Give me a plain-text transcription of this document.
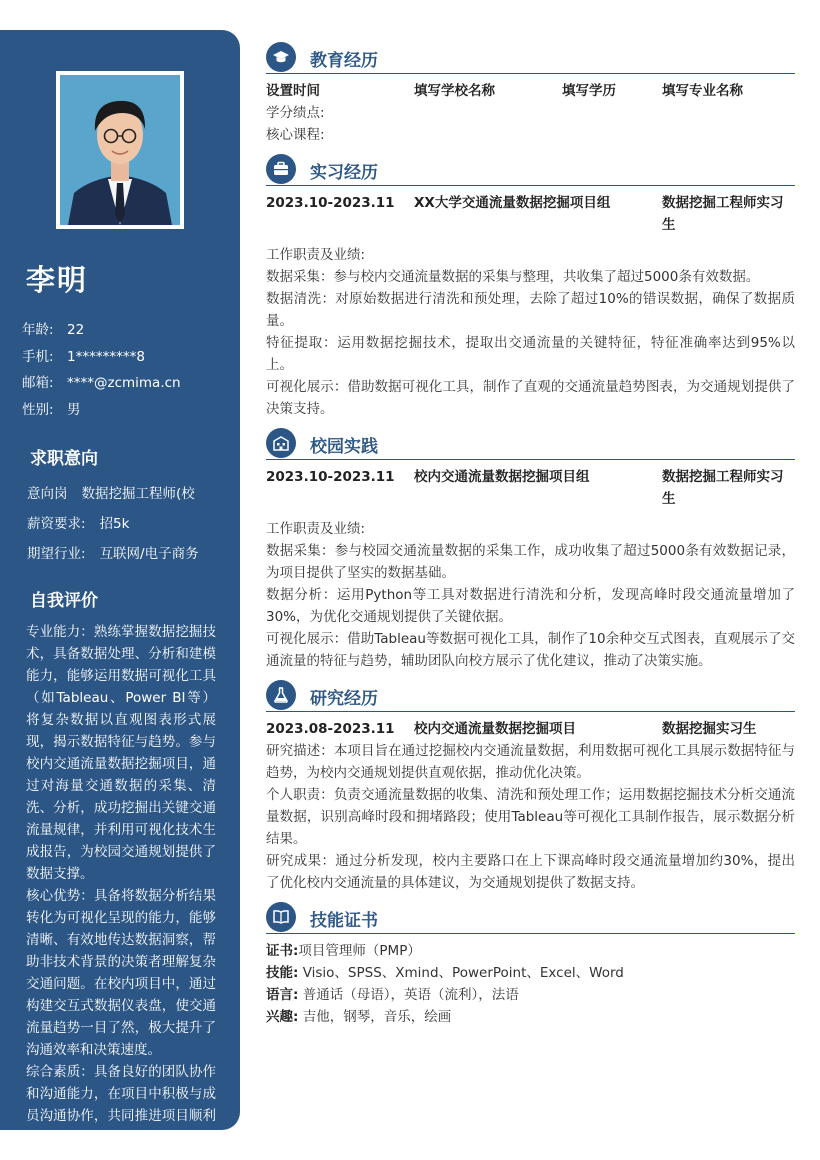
李明
年龄: 22
手机: 1*********8
邮箱: ****@zcmima.cn
性别: 男
求职意向
意向岗 数据挖掘工程师(校
薪资要求: 招5k
期望行业: 互联网/电子商务
自我评价

专业能力：熟练掌握数据挖掘技术，具备数据处理、分析和建模能力，能够运用数据可视化工具（如Tableau、Power BI等）将复杂数据以直观图表形式展现，揭示数据特征与趋势。参与校内交通流量数据挖掘项目，通过对海量交通数据的采集、清洗、分析，成功挖掘出关键交通流量规律，并利用可视化技术生成报告，为校园交通规划提供了数据支撑。

核心优势：具备将数据分析结果转化为可视化呈现的能力，能够清晰、有效地传达数据洞察，帮助非技术背景的决策者理解复杂交通问题。在校内项目中，通过构建交互式数据仪表盘，使交通流量趋势一目了然，极大提升了沟通效率和决策速度。

综合素质：具备良好的团队协作和沟通能力，在项目中积极与成员沟通协作，共同推进项目顺利完成。

教育经历
设置时间	填写学校名称	填写学历	填写专业名称
学分绩点:
核心课程:
实习经历
2023.10-2023.11	XX大学交通流量数据挖掘项目组	数据挖掘工程师实习生
工作职责及业绩:
数据采集：参与校内交通流量数据的采集与整理，共收集了超过5000条有效数据。
数据清洗：对原始数据进行清洗和预处理，去除了超过10%的错误数据，确保了数据质量。
特征提取：运用数据挖掘技术，提取出交通流量的关键特征，特征准确率达到95%以上。
可视化展示：借助数据可视化工具，制作了直观的交通流量趋势图表，为交通规划提供了决策支持。
校园实践
2023.10-2023.11	校内交通流量数据挖掘项目组	数据挖掘工程师实习生
工作职责及业绩:
数据采集：参与校园交通流量数据的采集工作，成功收集了超过5000条有效数据记录，为项目提供了坚实的数据基础。
数据分析：运用Python等工具对数据进行清洗和分析，发现高峰时段交通流量增加了30%，为优化交通规划提供了关键依据。
可视化展示：借助Tableau等数据可视化工具，制作了10余种交互式图表，直观展示了交通流量的特征与趋势，辅助团队向校方展示了优化建议，推动了决策实施。
研究经历
2023.08-2023.11	校内交通流量数据挖掘项目	数据挖掘实习生
研究描述：本项目旨在通过挖掘校内交通流量数据，利用数据可视化工具展示数据特征与趋势，为校内交通规划提供直观依据，推动优化决策。
个人职责：负责交通流量数据的收集、清洗和预处理工作；运用数据挖掘技术分析交通流量数据，识别高峰时段和拥堵路段；使用Tableau等可视化工具制作报告，展示数据分析结果。
研究成果：通过分析发现，校内主要路口在上下课高峰时段交通流量增加约30%，提出了优化校内交通流量的具体建议，为交通规划提供了数据支持。
技能证书
证书:项目管理师（PMP）
技能: Visio、SPSS、Xmind、PowerPoint、Excel、Word
语言: 普通话（母语），英语（流利），法语
兴趣: 吉他，钢琴，音乐，绘画
